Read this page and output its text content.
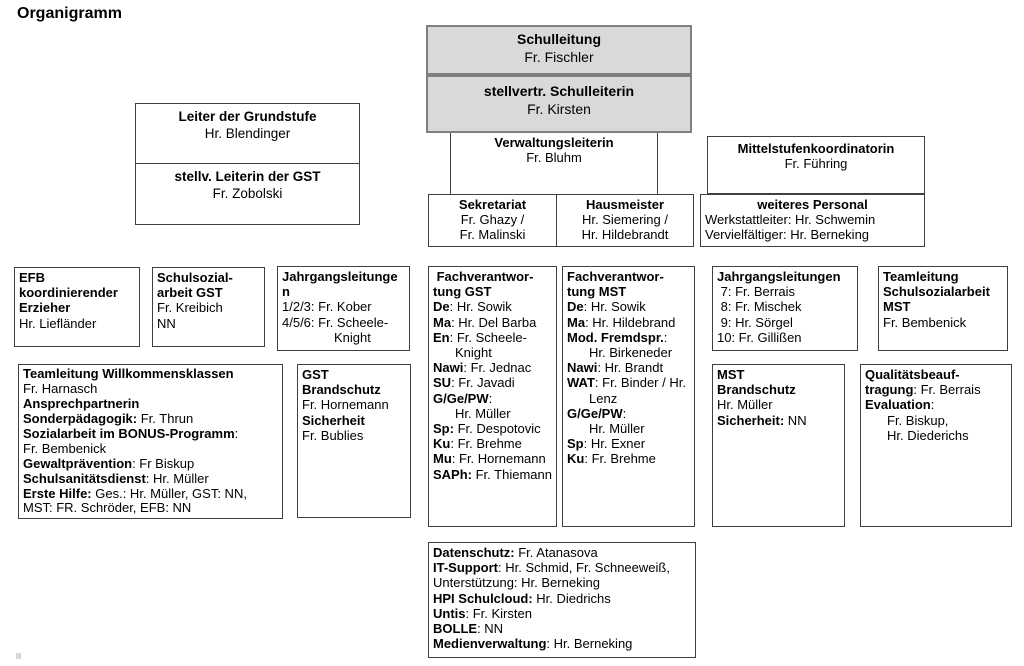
Organigramm
Schulleitung
Fr. Fischler
stellvertr. Schulleiterin
Fr. Kirsten
Leiter der Grundstufe
Hr. Blendinger
stellv. Leiterin der GST
Fr. Zobolski
Verwaltungsleiterin
Fr. Bluhm
Mittelstufenkoordinatorin
Fr. Führing
Sekretariat
Fr. Ghazy /
Fr. Malinski
Hausmeister
Hr. Siemering /
Hr. Hildebrandt
weiteres Personal
Werkstattleiter: Hr. Schwemin
Vervielfältiger: Hr. Berneking
EFB
koordinierender
Erzieher
Hr. Liefländer
Schulsozial-
arbeit GST
Fr. Kreibich
NN
Jahrgangsleitunge
n
1/2/3: Fr. Kober
4/5/6: Fr. Scheele-
Knight
Fachverantwor-
tung GST
De: Hr. Sowik
Ma: Hr. Del Barba
En: Fr. Scheele-
Knight
Nawi: Fr. Jednac
SU: Fr. Javadi
G/Ge/PW:
Hr. Müller
Sp: Fr. Despotovic
Ku: Fr. Brehme
Mu: Fr. Hornemann
SAPh: Fr. Thiemann
Fachverantwor-
tung MST
De: Hr. Sowik
Ma: Hr. Hildebrand
Mod. Fremdspr.:
Hr. Birkeneder
Nawi: Hr. Brandt
WAT: Fr. Binder / Hr.
Lenz
G/Ge/PW:
Hr. Müller
Sp: Hr. Exner
Ku: Fr. Brehme
Jahrgangsleitungen
7: Fr. Berrais
8: Fr. Mischek
9: Hr. Sörgel
10: Fr. Gillißen
Teamleitung
Schulsozialarbeit
MST
Fr. Bembenick
Teamleitung Willkommensklassen
Fr. Harnasch
Ansprechpartnerin
Sonderpädagogik: Fr. Thrun
Sozialarbeit im BONUS-Programm:
Fr. Bembenick
Gewaltprävention: Fr Biskup
Schulsanitätsdienst: Hr. Müller
Erste Hilfe: Ges.: Hr. Müller, GST: NN,
MST: FR. Schröder, EFB: NN
GST
Brandschutz
Fr. Hornemann
Sicherheit
Fr. Bublies
MST
Brandschutz
Hr. Müller
Sicherheit: NN
Qualitätsbeauf-
tragung: Fr. Berrais
Evaluation:
Fr. Biskup,
Hr. Diederichs
Datenschutz: Fr. Atanasova
IT-Support: Hr. Schmid, Fr. Schneeweiß,
Unterstützung: Hr. Berneking
HPI Schulcloud: Hr. Diedrichs
Untis: Fr. Kirsten
BOLLE: NN
Medienverwaltung: Hr. Berneking
